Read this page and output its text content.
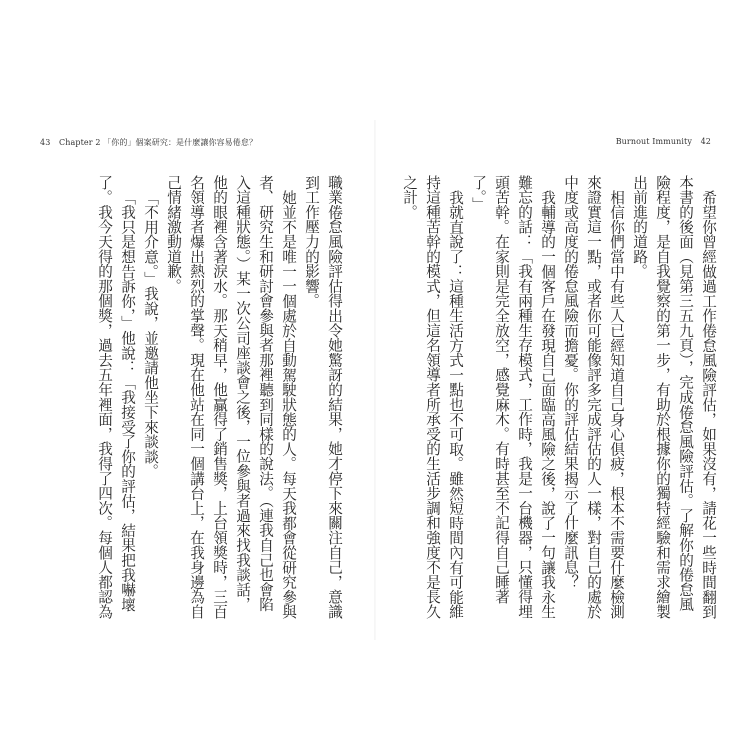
43 Chapter 2 「你的」個案研究：是什麼讓你容易倦怠？	Burnout Immunity 42

希望你曾經做過工作倦怠風險評估，如果沒有，請花一些時間翻到本書的後面（見第三五九頁），完成倦怠風險評估。了解你的倦怠風險程度，是自我覺察的第一步，有助於根據你的獨特經驗和需求繪製出前進的道路。

相信你們當中有些人已經知道自己身心俱疲，根本不需要什麼檢測來證實這一點，或者你可能像評多完成評估的人一樣，對自己的處於中度或高度的倦怠風險而擔憂。你的評估結果揭示了什麼訊息？

我輔導的一個客戶在發現自己面臨高風險之後，說了一句讓我永生難忘的話：「我有兩種生存模式，工作時，我是一台機器，只懂得埋頭苦幹。在家則是完全放空，感覺麻木。有時甚至不記得自己睡著了。」

我就直說了：這種生活方式一點也不可取。雖然短時間內有可能維持這種苦幹的模式，但這名領導者所承受的生活步調和強度不是長久之計。

職業倦怠風險評估得出令她驚訝的結果，她才停下來關注自己，意識到工作壓力的影響。

她並不是唯一一個處於自動駕駛狀態的人。每天我都會從研究參與者、研究生和研討會參與者那裡聽到同樣的說法。（連我自己也會陷入這種狀態。）某一次公司座談會之後，一位參與者過來找我談話，他的眼裡含著淚水。那天稍早，他贏得了銷售獎，上台領獎時，三百名領導者爆出熱烈的掌聲。現在他站在同一個講台上，在我身邊為自己情緒激動道歉。

「不用介意。」我說，並邀請他坐下來談談。

「我只是想告訴你，」他說：「我接受了你的評估，結果把我嚇壞了。我今天得的那個獎，過去五年裡面，我得了四次。每個人都認為
